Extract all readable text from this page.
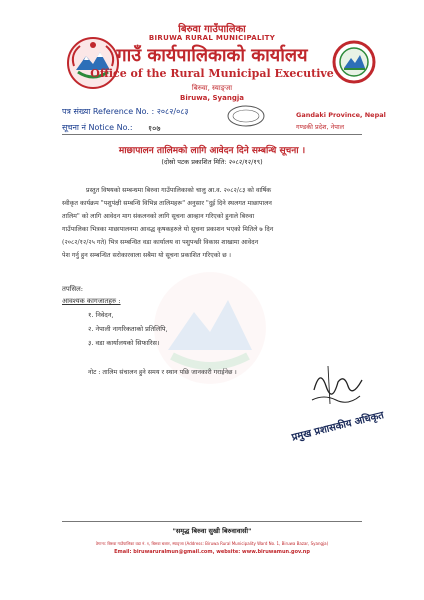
बिरुवा गाउँपालिका
BIRUWA RURAL MUNICIPALITY
गाउँ कार्यपालिकाको कार्यालय
Office of the Rural Municipal Executive
बिरुवा, स्याङ्जा
Biruwa, Syangja
पत्र संख्या Reference No. : २०८२/०८३
सूचना नं Notice No.: १०७
Gandaki Province, Nepal
गण्डकी प्रदेश, नेपाल
माछापालन तालिमको लागि आवेदन दिने सम्बन्धि सूचना ।
(दोस्रो पटक प्रकाशित मिति: २०८२/१२/१९)
प्रस्तुत विषयको सम्बन्धमा बिरुवा गाउँपालिकाको चालु आ.व. २०८२/८३ को वार्षिक
स्वीकृत कार्यक्रम "पशुपंक्षी सम्बन्धि विभिन्न तालिमहरू" अनुसार "दुई दिने स्थलगत माछापालन
तालिम" को लागि आवेदन माग संकलनको लागि सूचना आव्हान गरिएको हुनाले बिरुवा
गाउँपालिका भित्रका माछापालनमा आवद्ध कृषकहरुले यो सूचना प्रकाशन भएको मितिले ७ दिन
(२०८२/१२/२५ गते) भित्र सम्बन्धित वडा कार्यालय वा पशुपन्छी विकास शाखामा आवेदन
पेश गर्नु हुन सम्बन्धित सरोकारवाला सबैमा यो सूचना प्रकाशित गरिएको छ ।
तपसिल:
आवश्यक कागजातहरु :
१. निवेदन,
२. नेपाली नागरिकताको प्रतिलिपि,
३. वडा कार्यालयको सिफारिस।
नोट : तालिम संचालन हुने समय र स्थान पछि जानकारी गराईनेछ ।
प्रमुख प्रशासकीय अधिकृत
"समृद्ध बिरुवा सुखी बिरुवावासी"
ठेगाना: बिरुवा गाउँपालिका वडा नं. १, बिरुवा बजार, स्याङ्जा (Address: Biruwa Rural Municipality Ward No. 1, Biruwa Bazar, Syangja)
Email: biruwaruralmun@gmail.com, website: www.biruwamun.gov.np
